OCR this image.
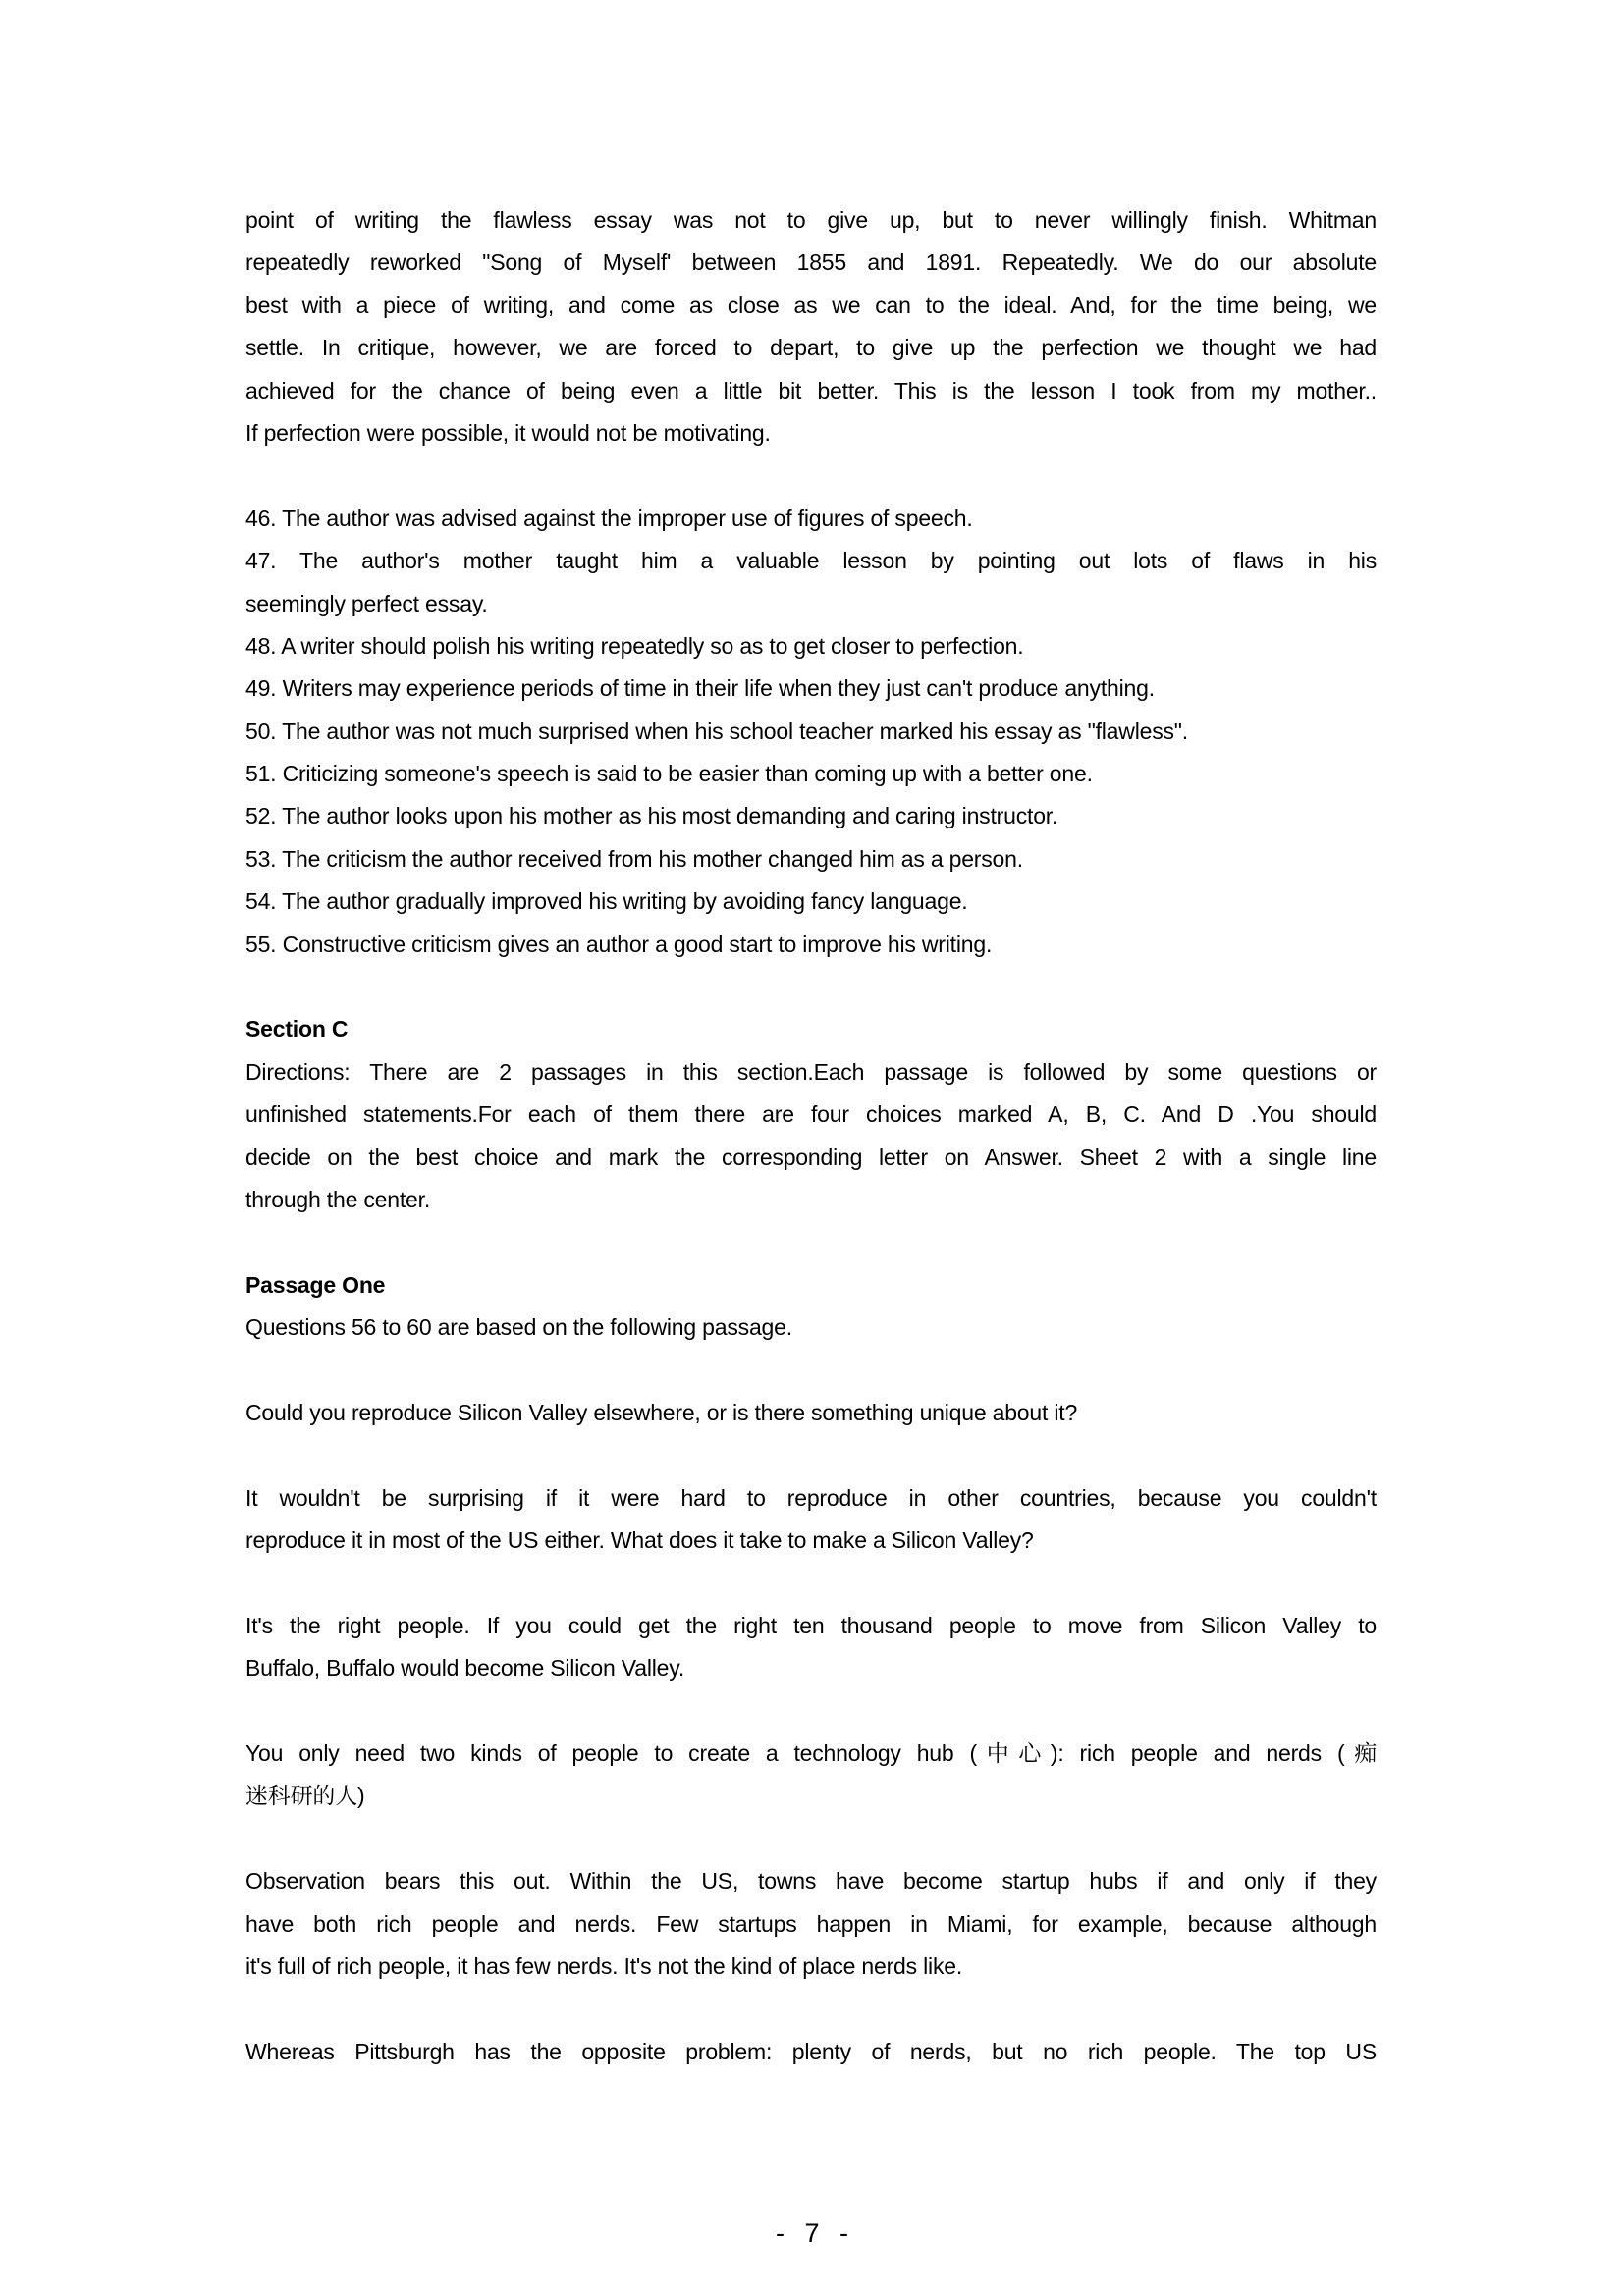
point of writing the flawless essay was not to give up, but to never willingly finish. Whitman
repeatedly reworked "Song of Myself' between 1855 and 1891. Repeatedly. We do our absolute
best with a piece of writing, and come as close as we can to the ideal. And, for the time being, we
settle. In critique, however, we are forced to depart, to give up the perfection we thought we had
achieved for the chance of being even a little bit better. This is the lesson I took from my mother..
If perfection were possible, it would not be motivating.
46. The author was advised against the improper use of figures of speech.
47. The author's mother taught him a valuable lesson by pointing out lots of flaws in his
seemingly perfect essay.
48. A writer should polish his writing repeatedly so as to get closer to perfection.
49. Writers may experience periods of time in their life when they just can't produce anything.
50. The author was not much surprised when his school teacher marked his essay as "flawless".
51. Criticizing someone's speech is said to be easier than coming up with a better one.
52. The author looks upon his mother as his most demanding and caring instructor.
53. The criticism the author received from his mother changed him as a person.
54. The author gradually improved his writing by avoiding fancy language.
55. Constructive criticism gives an author a good start to improve his writing.
Section C
Directions: There are 2 passages in this section.Each passage is followed by some questions or
unfinished statements.For each of them there are four choices marked A, B, C. And D .You should
decide on the best choice and mark the corresponding letter on Answer. Sheet 2 with a single line
through the center.
Passage One
Questions 56 to 60 are based on the following passage.
Could you reproduce Silicon Valley elsewhere, or is there something unique about it?
It wouldn't be surprising if it were hard to reproduce in other countries, because you couldn't
reproduce it in most of the US either. What does it take to make a Silicon Valley?
It's the right people. If you could get the right ten thousand people to move from Silicon Valley to
Buffalo, Buffalo would become Silicon Valley.
You only need two kinds of people to create a technology hub (中心): rich people and nerds (痴
迷科研的人)
Observation bears this out. Within the US, towns have become startup hubs if and only if they
have both rich people and nerds. Few startups happen in Miami, for example, because although
it's full of rich people, it has few nerds. It's not the kind of place nerds like.
Whereas Pittsburgh has the opposite problem: plenty of nerds, but no rich people. The top US
- 7 -
